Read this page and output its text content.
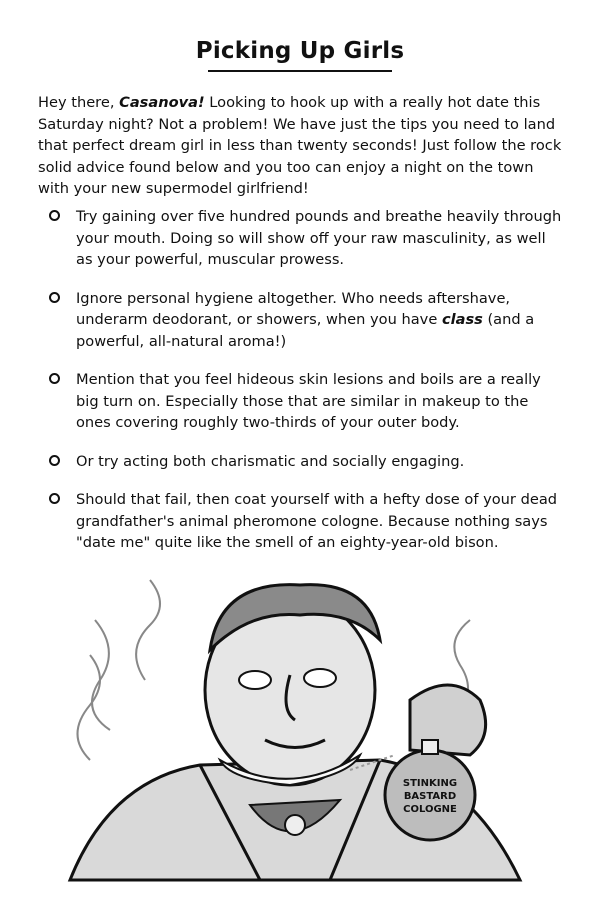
Picking Up Girls

Hey there, Casanova! Looking to hook up with a really hot date this Saturday night? Not a problem! We have just the tips you need to land that perfect dream girl in less than twenty seconds! Just follow the rock solid advice found below and you too can enjoy a night on the town with your new supermodel girlfriend!

Try gaining over five hundred pounds and breathe heavily through your mouth. Doing so will show off your raw masculinity, as well as your powerful, muscular prowess.
Ignore personal hygiene altogether. Who needs aftershave, underarm deodorant, or showers, when you have class (and a powerful, all-natural aroma!)
Mention that you feel hideous skin lesions and boils are a really big turn on. Especially those that are similar in makeup to the ones covering roughly two-thirds of your outer body.
Or try acting both charismatic and socially engaging.
Should that fail, then coat yourself with a hefty dose of your dead grandfather's animal pheromone cologne. Because nothing says "date me" quite like the smell of an eighty-year-old bison.
STINKING
BASTARD
COLOGNE
